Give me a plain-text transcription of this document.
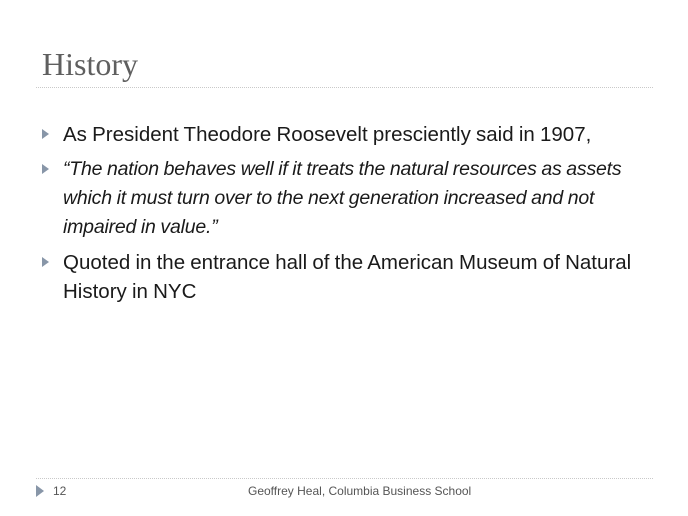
History
As President Theodore Roosevelt presciently said in 1907,
“The nation behaves well if it treats the natural resources as assets which it must turn over to the next generation increased and not impaired in value.”
Quoted in the entrance hall of the American Museum of Natural History in NYC
12	Geoffrey Heal, Columbia Business School
